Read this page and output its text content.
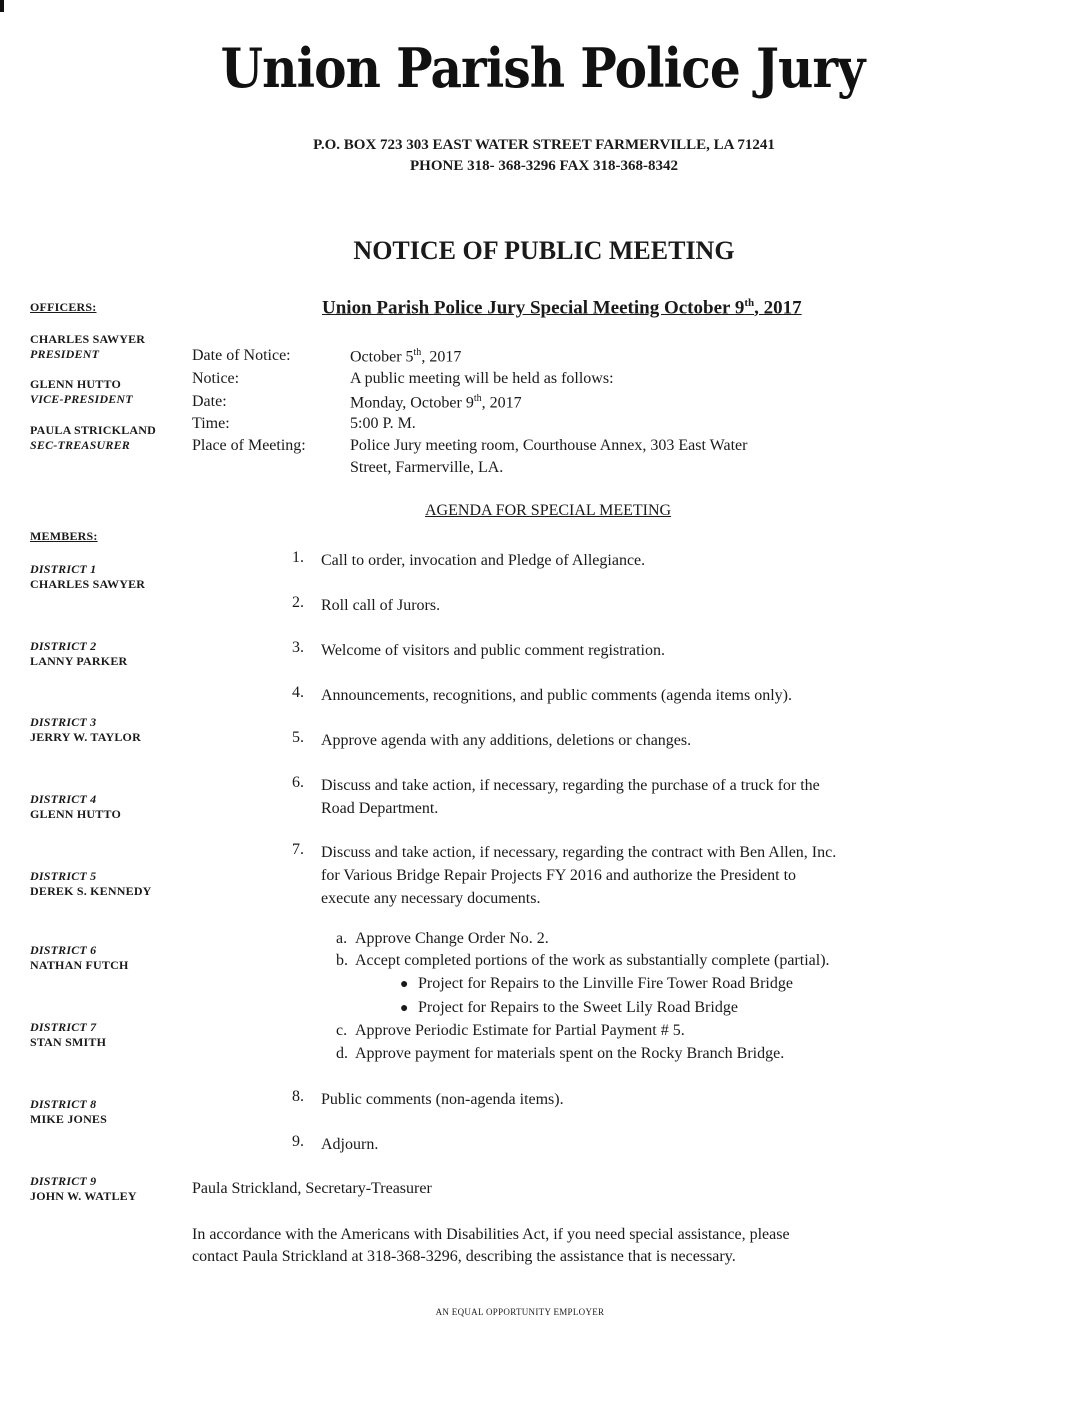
Union Parish Police Jury
P.O. BOX 723 303 EAST WATER STREET FARMERVILLE, LA 71241
PHONE 318- 368-3296 FAX 318-368-8342
NOTICE OF PUBLIC MEETING
Union Parish Police Jury Special Meeting October 9th, 2017
OFFICERS:
CHARLES SAWYER
PRESIDENT
GLENN HUTTO
VICE-PRESIDENT
PAULA STRICKLAND
SEC-TREASURER
MEMBERS:
DISTRICT 1
CHARLES SAWYER
DISTRICT 2
LANNY PARKER
DISTRICT 3
JERRY W. TAYLOR
DISTRICT 4
GLENN HUTTO
DISTRICT 5
DEREK S. KENNEDY
DISTRICT 6
NATHAN FUTCH
DISTRICT 7
STAN SMITH
DISTRICT 8
MIKE JONES
DISTRICT 9
JOHN W. WATLEY
Date of Notice:	October 5th, 2017
Notice:	A public meeting will be held as follows:
Date:	Monday, October 9th, 2017
Time:	5:00 P. M.
Place of Meeting:	Police Jury meeting room, Courthouse Annex, 303 East Water
Street, Farmerville, LA.
AGENDA FOR SPECIAL MEETING
1. Call to order, invocation and Pledge of Allegiance.
2. Roll call of Jurors.
3. Welcome of visitors and public comment registration.
4. Announcements, recognitions, and public comments (agenda items only).
5. Approve agenda with any additions, deletions or changes.
6. Discuss and take action, if necessary, regarding the purchase of a truck for the
Road Department.
7. Discuss and take action, if necessary, regarding the contract with Ben Allen, Inc.
for Various Bridge Repair Projects FY 2016 and authorize the President to
execute any necessary documents.
a. Approve Change Order No. 2.
b. Accept completed portions of the work as substantially complete (partial).
● Project for Repairs to the Linville Fire Tower Road Bridge
● Project for Repairs to the Sweet Lily Road Bridge
c. Approve Periodic Estimate for Partial Payment # 5.
d. Approve payment for materials spent on the Rocky Branch Bridge.
8. Public comments (non-agenda items).
9. Adjourn.
Paula Strickland, Secretary-Treasurer
In accordance with the Americans with Disabilities Act, if you need special assistance, please
contact Paula Strickland at 318-368-3296, describing the assistance that is necessary.
AN EQUAL OPPORTUNITY EMPLOYER
